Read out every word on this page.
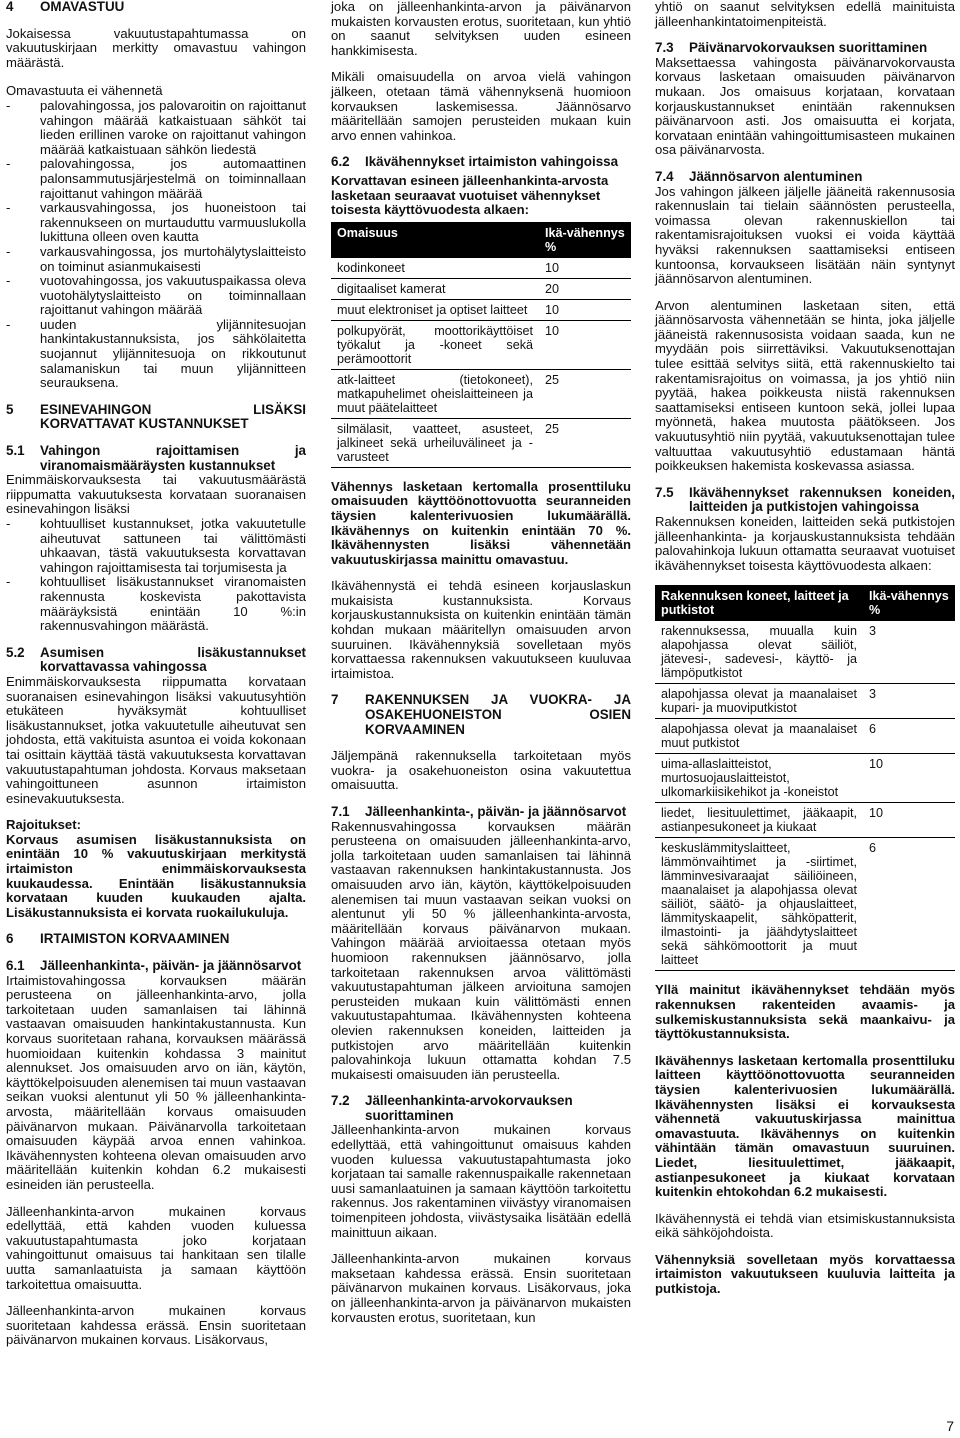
4 OMAVASTUU

Jokaisessa vakuutustapahtumassa on vakuutuskirjaan merkitty omavastuu vahingon määrästä.

Omavastuuta ei vähennetä

- palovahingossa, jos palovaroitin on rajoittanut vahingon määrää katkaistuaan sähköt tai lieden erillinen varoke on rajoittanut vahingon määrää katkaistuaan sähkön liedestä
- palovahingossa, jos automaattinen palonsammutusjärjestelmä on toiminnallaan rajoittanut vahingon määrää
- varkausvahingossa, jos huoneistoon tai rakennukseen on murtauduttu varmuuslukolla lukittuna olleen oven kautta
- varkausvahingossa, jos murtohälytyslaitteisto on toiminut asianmukaisesti
- vuotovahingossa, jos vakuutuspaikassa oleva vuotohälytyslaitteisto on toiminnallaan rajoittanut vahingon määrää
- uuden ylijännitesuojan hankintakustannuksista, jos sähkölaitetta suojannut ylijännitesuoja on rikkoutunut salamaniskun tai muun ylijännitteen seurauksena.
5	ESINEVAHINGON LISÄKSI KORVATTAVAT KUSTANNUKSET
5.1	Vahingon rajoittamisen ja viranomaismääräysten kustannukset

Enimmäiskorvauksesta tai vakuutusmäärästä riippumatta vakuutuksesta korvataan suoranaisen esinevahingon lisäksi

- kohtuulliset kustannukset, jotka vakuutetulle aiheutuvat sattuneen tai välittömästi uhkaavan, tästä vakuutuksesta korvattavan vahingon rajoittamisesta tai torjumisesta ja
- kohtuulliset lisäkustannukset viranomaisten rakennusta koskevista pakottavista määräyksistä enintään 10 %:in rakennusvahingon määrästä.
5.2	Asumisen lisäkustannukset korvattavassa vahingossa

Enimmäiskorvauksesta riippumatta korvataan suoranaisen esinevahingon lisäksi vakuutusyhtiön etukäteen hyväksymät kohtuulliset lisäkustannukset, jotka vakuutetulle aiheutuvat sen johdosta, että vakituista asuntoa ei voida kokonaan tai osittain käyttää tästä vakuutuksesta korvattavan vakuutustapahtuman johdosta. Korvaus maksetaan vahingoittuneen asunnon irtaimiston esinevakuutuksesta.

Rajoitukset:

Korvaus asumisen lisäkustannuksista on enintään 10 % vakuutuskirjaan merkitystä irtaimiston enimmäiskorvauksesta kuukaudessa. Enintään lisäkustannuksia korvataan kuuden kuukauden ajalta. Lisäkustannuksista ei korvata ruokailukuluja.

6 IRTAIMISTON KORVAAMINEN
6.1	Jälleenhankinta-, päivän- ja jäännösarvot

Irtaimistovahingossa korvauksen määrän perusteena on jälleenhankinta-arvo, jolla tarkoitetaan uuden samanlaisen tai lähinnä vastaavan omaisuuden hankintakustannusta. Kun korvaus suoritetaan rahana, korvauksen määrässä huomioidaan kuitenkin kohdassa 3 mainitut alennukset. Jos omaisuuden arvo on iän, käytön, käyttökelpoisuuden alenemisen tai muun vastaavan seikan vuoksi alentunut yli 50 % jälleenhankinta- arvosta, määritellään korvaus omaisuuden päivänarvon mukaan. Päivänarvolla tarkoitetaan omaisuuden käypää arvoa ennen vahinkoa. Ikävähennysten kohteena olevan omaisuuden arvo määritellään kuitenkin kohdan 6.2 mukaisesti esineiden iän perusteella.

Jälleenhankinta-arvon mukainen korvaus edellyttää, että kahden vuoden kuluessa vakuutustapahtumasta joko korjataan vahingoittunut omaisuus tai hankitaan sen tilalle uutta samanlaatuista ja samaan käyttöön tarkoitettua omaisuutta.

Jälleenhankinta-arvon mukainen korvaus suoritetaan kahdessa erässä. Ensin suoritetaan päivänarvon mukainen korvaus. Lisäkorvaus,

joka on jälleenhankinta-arvon ja päivänarvon mukaisten korvausten erotus, suoritetaan, kun yhtiö on saanut selvityksen uuden esineen hankkimisesta.

Mikäli omaisuudella on arvoa vielä vahingon jälkeen, otetaan tämä vähennyksenä huomioon korvauksen laskemisessa. Jäännösarvo määritellään samojen perusteiden mukaan kuin arvo ennen vahinkoa.

6.2	Ikävähennykset irtaimiston vahingoissa

Korvattavan esineen jälleenhankinta-arvosta lasketaan seuraavat vuotuiset vähennykset toisesta käyttövuodesta alkaen:

Omaisuus	Ikä-vähennys %
kodinkoneet	10
digitaaliset kamerat	20
muut elektroniset ja optiset laitteet	10
polkupyörät, moottorikäyttöiset työkalut ja -koneet sekä perämoottorit	10
atk-laitteet (tietokoneet), matkapuhelimet oheislaitteineen ja muut päätelaitteet	25
silmälasit, vaatteet, asusteet, jalkineet sekä urheiluvälineet ja -varusteet	25

Vähennys lasketaan kertomalla prosenttiluku omaisuuden käyttöönottovuotta seuranneiden täysien kalenterivuosien lukumäärällä. Ikävähennys on kuitenkin enintään 70 %. Ikävähennysten lisäksi vähennetään vakuutuskirjassa mainittu omavastuu.

Ikävähennystä ei tehdä esineen korjauslaskun mukaisista kustannuksista. Korvaus korjauskustannuksista on kuitenkin enintään tämän kohdan mukaan määritellyn omaisuuden arvon suuruinen. Ikävähennyksiä sovelletaan myös korvattaessa rakennuksen vakuutukseen kuuluvaa irtaimistoa.

7	RAKENNUKSEN JA VUOKRA- JA OSAKEHUONEISTON OSIEN KORVAAMINEN

Jäljempänä rakennuksella tarkoitetaan myös vuokra- ja osakehuoneiston osina vakuutettua omaisuutta.

7.1	Jälleenhankinta-, päivän- ja jäännösarvot

Rakennusvahingossa korvauksen määrän perusteena on omaisuuden jälleenhankinta-arvo, jolla tarkoitetaan uuden samanlaisen tai lähinnä vastaavan rakennuksen hankintakustannusta. Jos omaisuuden arvo iän, käytön, käyttökelpoisuuden alenemisen tai muun vastaavan seikan vuoksi on alentunut yli 50 % jälleenhankinta-arvosta, määritellään korvaus päivänarvon mukaan. Vahingon määrää arvioitaessa otetaan myös huomioon rakennuksen jäännösarvo, jolla tarkoitetaan rakennuksen arvoa välittömästi vakuutustapahtuman jälkeen arvioituna samojen perusteiden mukaan kuin välittömästi ennen vakuutustapahtumaa. Ikävähennysten kohteena olevien rakennuksen koneiden, laitteiden ja putkistojen arvo määritellään kuitenkin palovahinkoja lukuun ottamatta kohdan 7.5 mukaisesti omaisuuden iän perusteella.

7.2	Jälleenhankinta-arvokorvauksen suorittaminen

Jälleenhankinta-arvon mukainen korvaus edellyttää, että vahingoittunut omaisuus kahden vuoden kuluessa vakuutustapahtumasta joko korjataan tai samalle rakennuspaikalle rakennetaan uusi samanlaatuinen ja samaan käyttöön tarkoitettu rakennus. Jos rakentaminen viivästyy viranomaisen toimenpiteen johdosta, viivästysaika lisätään edellä mainittuun aikaan.

Jälleenhankinta-arvon mukainen korvaus maksetaan kahdessa erässä. Ensin suoritetaan päivänarvon mukainen korvaus. Lisäkorvaus, joka on jälleenhankinta-arvon ja päivänarvon mukaisten korvausten erotus, suoritetaan, kun

yhtiö on saanut selvityksen edellä mainituista jälleenhankintatoimenpiteistä.

7.3	Päivänarvokorvauksen suorittaminen

Maksettaessa vahingosta päivänarvokorvausta korvaus lasketaan omaisuuden päivänarvon mukaan. Jos omaisuus korjataan, korvataan korjauskustannukset enintään rakennuksen päivänarvoon asti. Jos omaisuutta ei korjata, korvataan enintään vahingoittumisasteen mukainen osa päivänarvosta.

7.4	Jäännösarvon alentuminen

Jos vahingon jälkeen jäljelle jääneitä rakennusosia rakennuslain tai tielain säännösten perusteella, voimassa olevan rakennuskiellon tai rakentamisrajoituksen vuoksi ei voida käyttää hyväksi rakennuksen saattamiseksi entiseen kuntoonsa, korvaukseen lisätään näin syntynyt jäännösarvon alentuminen.

Arvon alentuminen lasketaan siten, että jäännösarvosta vähennetään se hinta, joka jäljelle jääneistä rakennusosista voidaan saada, kun ne myydään pois siirrettäviksi. Vakuutuksenottajan tulee esittää selvitys siitä, että rakennuskielto tai rakentamisrajoitus on voimassa, ja jos yhtiö niin pyytää, hakea poikkeusta niistä rakennuksen saattamiseksi entiseen kuntoon sekä, jollei lupaa myönnetä, hakea muutosta päätökseen. Jos vakuutusyhtiö niin pyytää, vakuutuksenottajan tulee valtuuttaa vakuutusyhtiö edustamaan häntä poikkeuksen hakemista koskevassa asiassa.

7.5	Ikävähennykset rakennuksen koneiden, laitteiden ja putkistojen vahingoissa

Rakennuksen koneiden, laitteiden sekä putkistojen jälleenhankinta- ja korjauskustannuksista tehdään palovahinkoja lukuun ottamatta seuraavat vuotuiset ikävähennykset toisesta käyttövuodesta alkaen:

Rakennuksen koneet, laitteet ja putkistot	Ikä-vähennys %
rakennuksessa, muualla kuin alapohjassa olevat säiliöt, jätevesi-, sadevesi-, käyttö- ja lämpöputkistot	3
alapohjassa olevat ja maanalaiset kupari- ja muoviputkistot	3
alapohjassa olevat ja maanalaiset muut putkistot	6
uima-allaslaitteistot, murtosuojauslaitteistot, ulkomarkiisikehikot ja -koneistot	10
liedet, liesituulettimet, jääkaapit, astianpesukoneet ja kiukaat	10
keskuslämmityslaitteet, lämmönvaihtimet ja -siirtimet, lämminvesivaraajat säiliöineen, maanalaiset ja alapohjassa olevat säiliöt, säätö- ja ohjauslaitteet, lämmityskaapelit, sähköpatterit, ilmastointi- ja jäähdytyslaitteet sekä sähkömoottorit ja muut laitteet	6

Yllä mainitut ikävähennykset tehdään myös rakennuksen rakenteiden avaamis- ja sulkemiskustannuksista sekä maankaivu- ja täyttökustannuksista.

Ikävähennys lasketaan kertomalla prosenttiluku laitteen käyttöönottovuotta seuranneiden täysien kalenterivuosien lukumäärällä. Ikävähennysten lisäksi ei korvauksesta vähennetä vakuutuskirjassa mainittua omavastuuta. Ikävähennys on kuitenkin vähintään tämän omavastuun suuruinen. Liedet, liesituulettimet, jääkaapit, astianpesukoneet ja kiukaat korvataan kuitenkin ehtokohdan 6.2 mukaisesti.

Ikävähennystä ei tehdä vian etsimiskustannuksista eikä sähköjohdoista.

Vähennyksiä sovelletaan myös korvattaessa irtaimiston vakuutukseen kuuluvia laitteita ja putkistoja.

7
